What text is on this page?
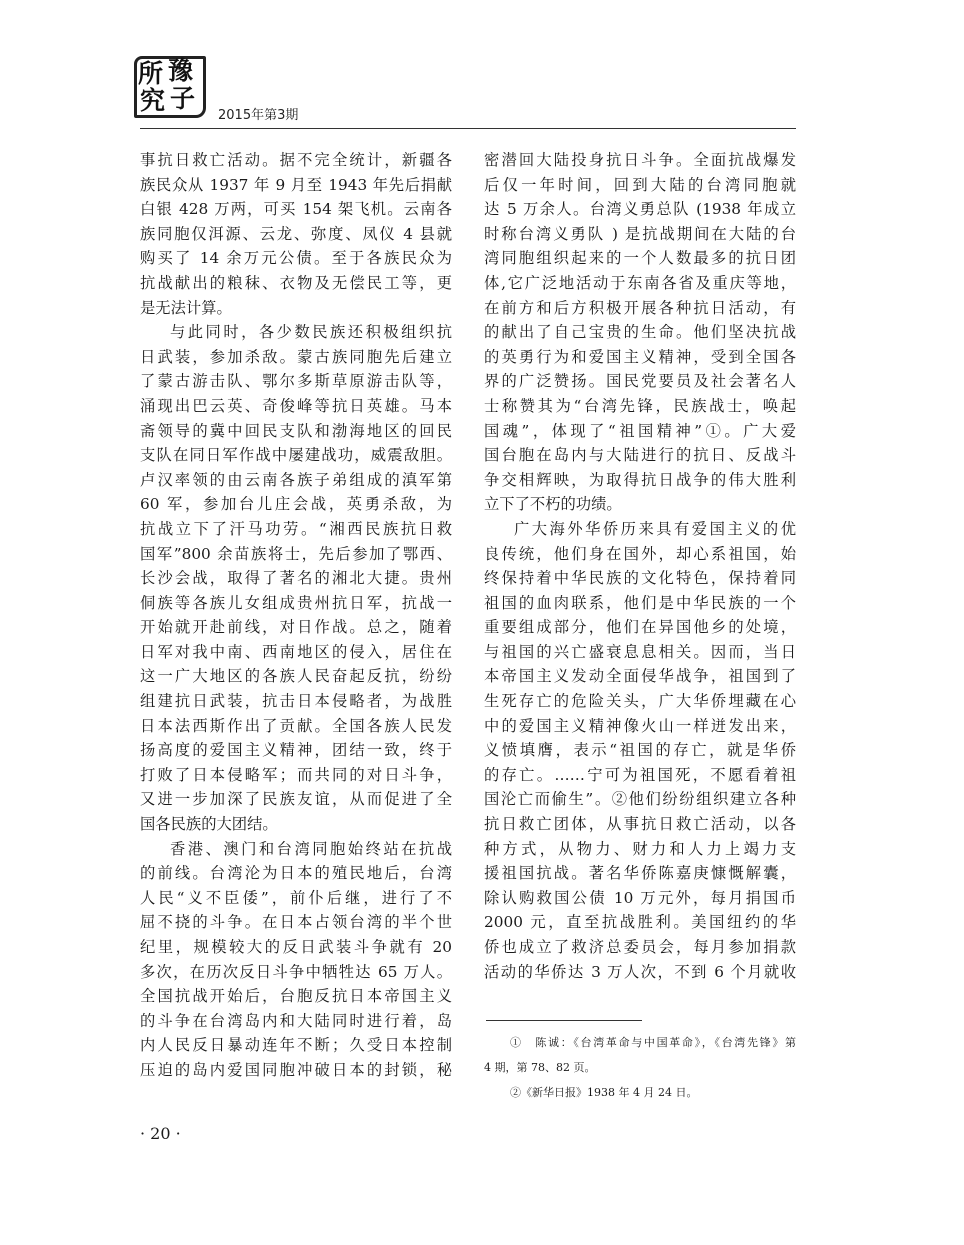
所 豫
究 子
2015年第3期
事抗日救亡活动。据不完全统计，新疆各
族民众从 1937 年 9 月至 1943 年先后捐献
白银 428 万两，可买 154 架飞机。云南各
族同胞仅洱源、云龙、弥度、凤仪 4 县就
购买了 14 余万元公债。至于各族民众为
抗战献出的粮秣、衣物及无偿民工等，更
是无法计算。
与此同时，各少数民族还积极组织抗
日武装，参加杀敌。蒙古族同胞先后建立
了蒙古游击队、鄂尔多斯草原游击队等，
涌现出巴云英、奇俊峰等抗日英雄。马本
斋领导的冀中回民支队和渤海地区的回民
支队在同日军作战中屡建战功，威震敌胆。
卢汉率领的由云南各族子弟组成的滇军第
60 军，参加台儿庄会战，英勇杀敌，为
抗战立下了汗马功劳。“湘西民族抗日救
国军”800 余苗族将士，先后参加了鄂西、
长沙会战，取得了著名的湘北大捷。贵州
侗族等各族儿女组成贵州抗日军，抗战一
开始就开赴前线，对日作战。总之，随着
日军对我中南、西南地区的侵入，居住在
这一广大地区的各族人民奋起反抗，纷纷
组建抗日武装，抗击日本侵略者，为战胜
日本法西斯作出了贡献。全国各族人民发
扬高度的爱国主义精神，团结一致，终于
打败了日本侵略军；而共同的对日斗争，
又进一步加深了民族友谊，从而促进了全
国各民族的大团结。
香港、澳门和台湾同胞始终站在抗战
的前线。台湾沦为日本的殖民地后，台湾
人民“义不臣倭”，前仆后继，进行了不
屈不挠的斗争。在日本占领台湾的半个世
纪里，规模较大的反日武装斗争就有 20
多次，在历次反日斗争中牺牲达 65 万人。
全国抗战开始后，台胞反抗日本帝国主义
的斗争在台湾岛内和大陆同时进行着，岛
内人民反日暴动连年不断；久受日本控制
压迫的岛内爱国同胞冲破日本的封锁，秘
密潜回大陆投身抗日斗争。全面抗战爆发
后仅一年时间，回到大陆的台湾同胞就
达 5 万余人。台湾义勇总队 (1938 年成立
时称台湾义勇队 ) 是抗战期间在大陆的台
湾同胞组织起来的一个人数最多的抗日团
体,它广泛地活动于东南各省及重庆等地，
在前方和后方积极开展各种抗日活动，有
的献出了自己宝贵的生命。他们坚决抗战
的英勇行为和爱国主义精神，受到全国各
界的广泛赞扬。国民党要员及社会著名人
士称赞其为“台湾先锋，民族战士，唤起
国魂”，体现了“祖国精神”①。广大爱
国台胞在岛内与大陆进行的抗日、反战斗
争交相辉映，为取得抗日战争的伟大胜利
立下了不朽的功绩。
广大海外华侨历来具有爱国主义的优
良传统，他们身在国外，却心系祖国，始
终保持着中华民族的文化特色，保持着同
祖国的血肉联系，他们是中华民族的一个
重要组成部分，他们在异国他乡的处境，
与祖国的兴亡盛衰息息相关。因而，当日
本帝国主义发动全面侵华战争，祖国到了
生死存亡的危险关头，广大华侨埋藏在心
中的爱国主义精神像火山一样迸发出来，
义愤填膺，表示“祖国的存亡，就是华侨
的存亡。……宁可为祖国死，不愿看着祖
国沦亡而偷生”。②他们纷纷组织建立各种
抗日救亡团体，从事抗日救亡活动，以各
种方式，从物力、财力和人力上竭力支
援祖国抗战。著名华侨陈嘉庚慷慨解囊，
除认购救国公债 10 万元外，每月捐国币
2000 元，直至抗战胜利。美国纽约的华
侨也成立了救济总委员会，每月参加捐款
活动的华侨达 3 万人次，不到 6 个月就收
①　陈诚：《台湾革命与中国革命》，《台湾先锋》第
4 期，第 78、82 页。
②《新华日报》1938 年 4 月 24 日。
· 20 ·
